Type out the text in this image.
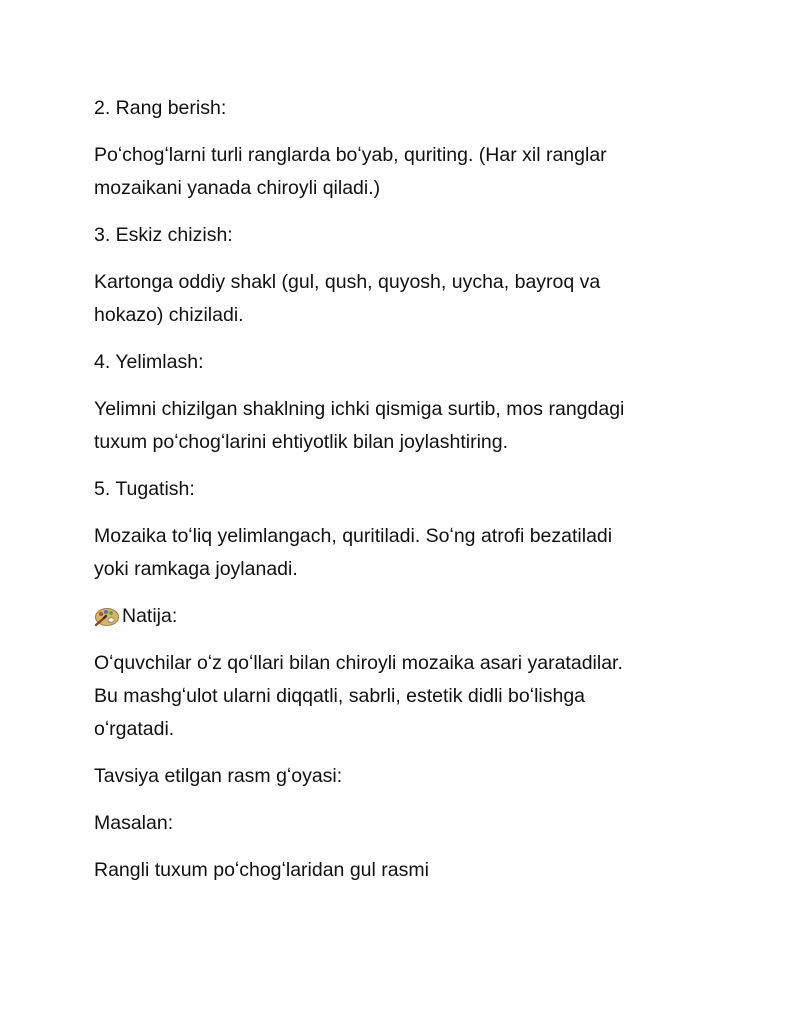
2. Rang berish:

Poʻchogʻlarni turli ranglarda boʻyab, quriting. (Har xil ranglar
mozaikani yanada chiroyli qiladi.)

3. Eskiz chizish:

Kartonga oddiy shakl (gul, qush, quyosh, uycha, bayroq va
hokazo) chiziladi.

4. Yelimlash:

Yelimni chizilgan shaklning ichki qismiga surtib, mos rangdagi
tuxum poʻchogʻlarini ehtiyotlik bilan joylashtiring.

5. Tugatish:

Mozaika toʻliq yelimlangach, quritiladi. Soʻng atrofi bezatiladi
yoki ramkaga joylanadi.

Natija:

Oʻquvchilar oʻz qoʻllari bilan chiroyli mozaika asari yaratadilar.
Bu mashgʻulot ularni diqqatli, sabrli, estetik didli boʻlishga
oʻrgatadi.

Tavsiya etilgan rasm gʻoyasi:

Masalan:

Rangli tuxum poʻchogʻlaridan gul rasmi
